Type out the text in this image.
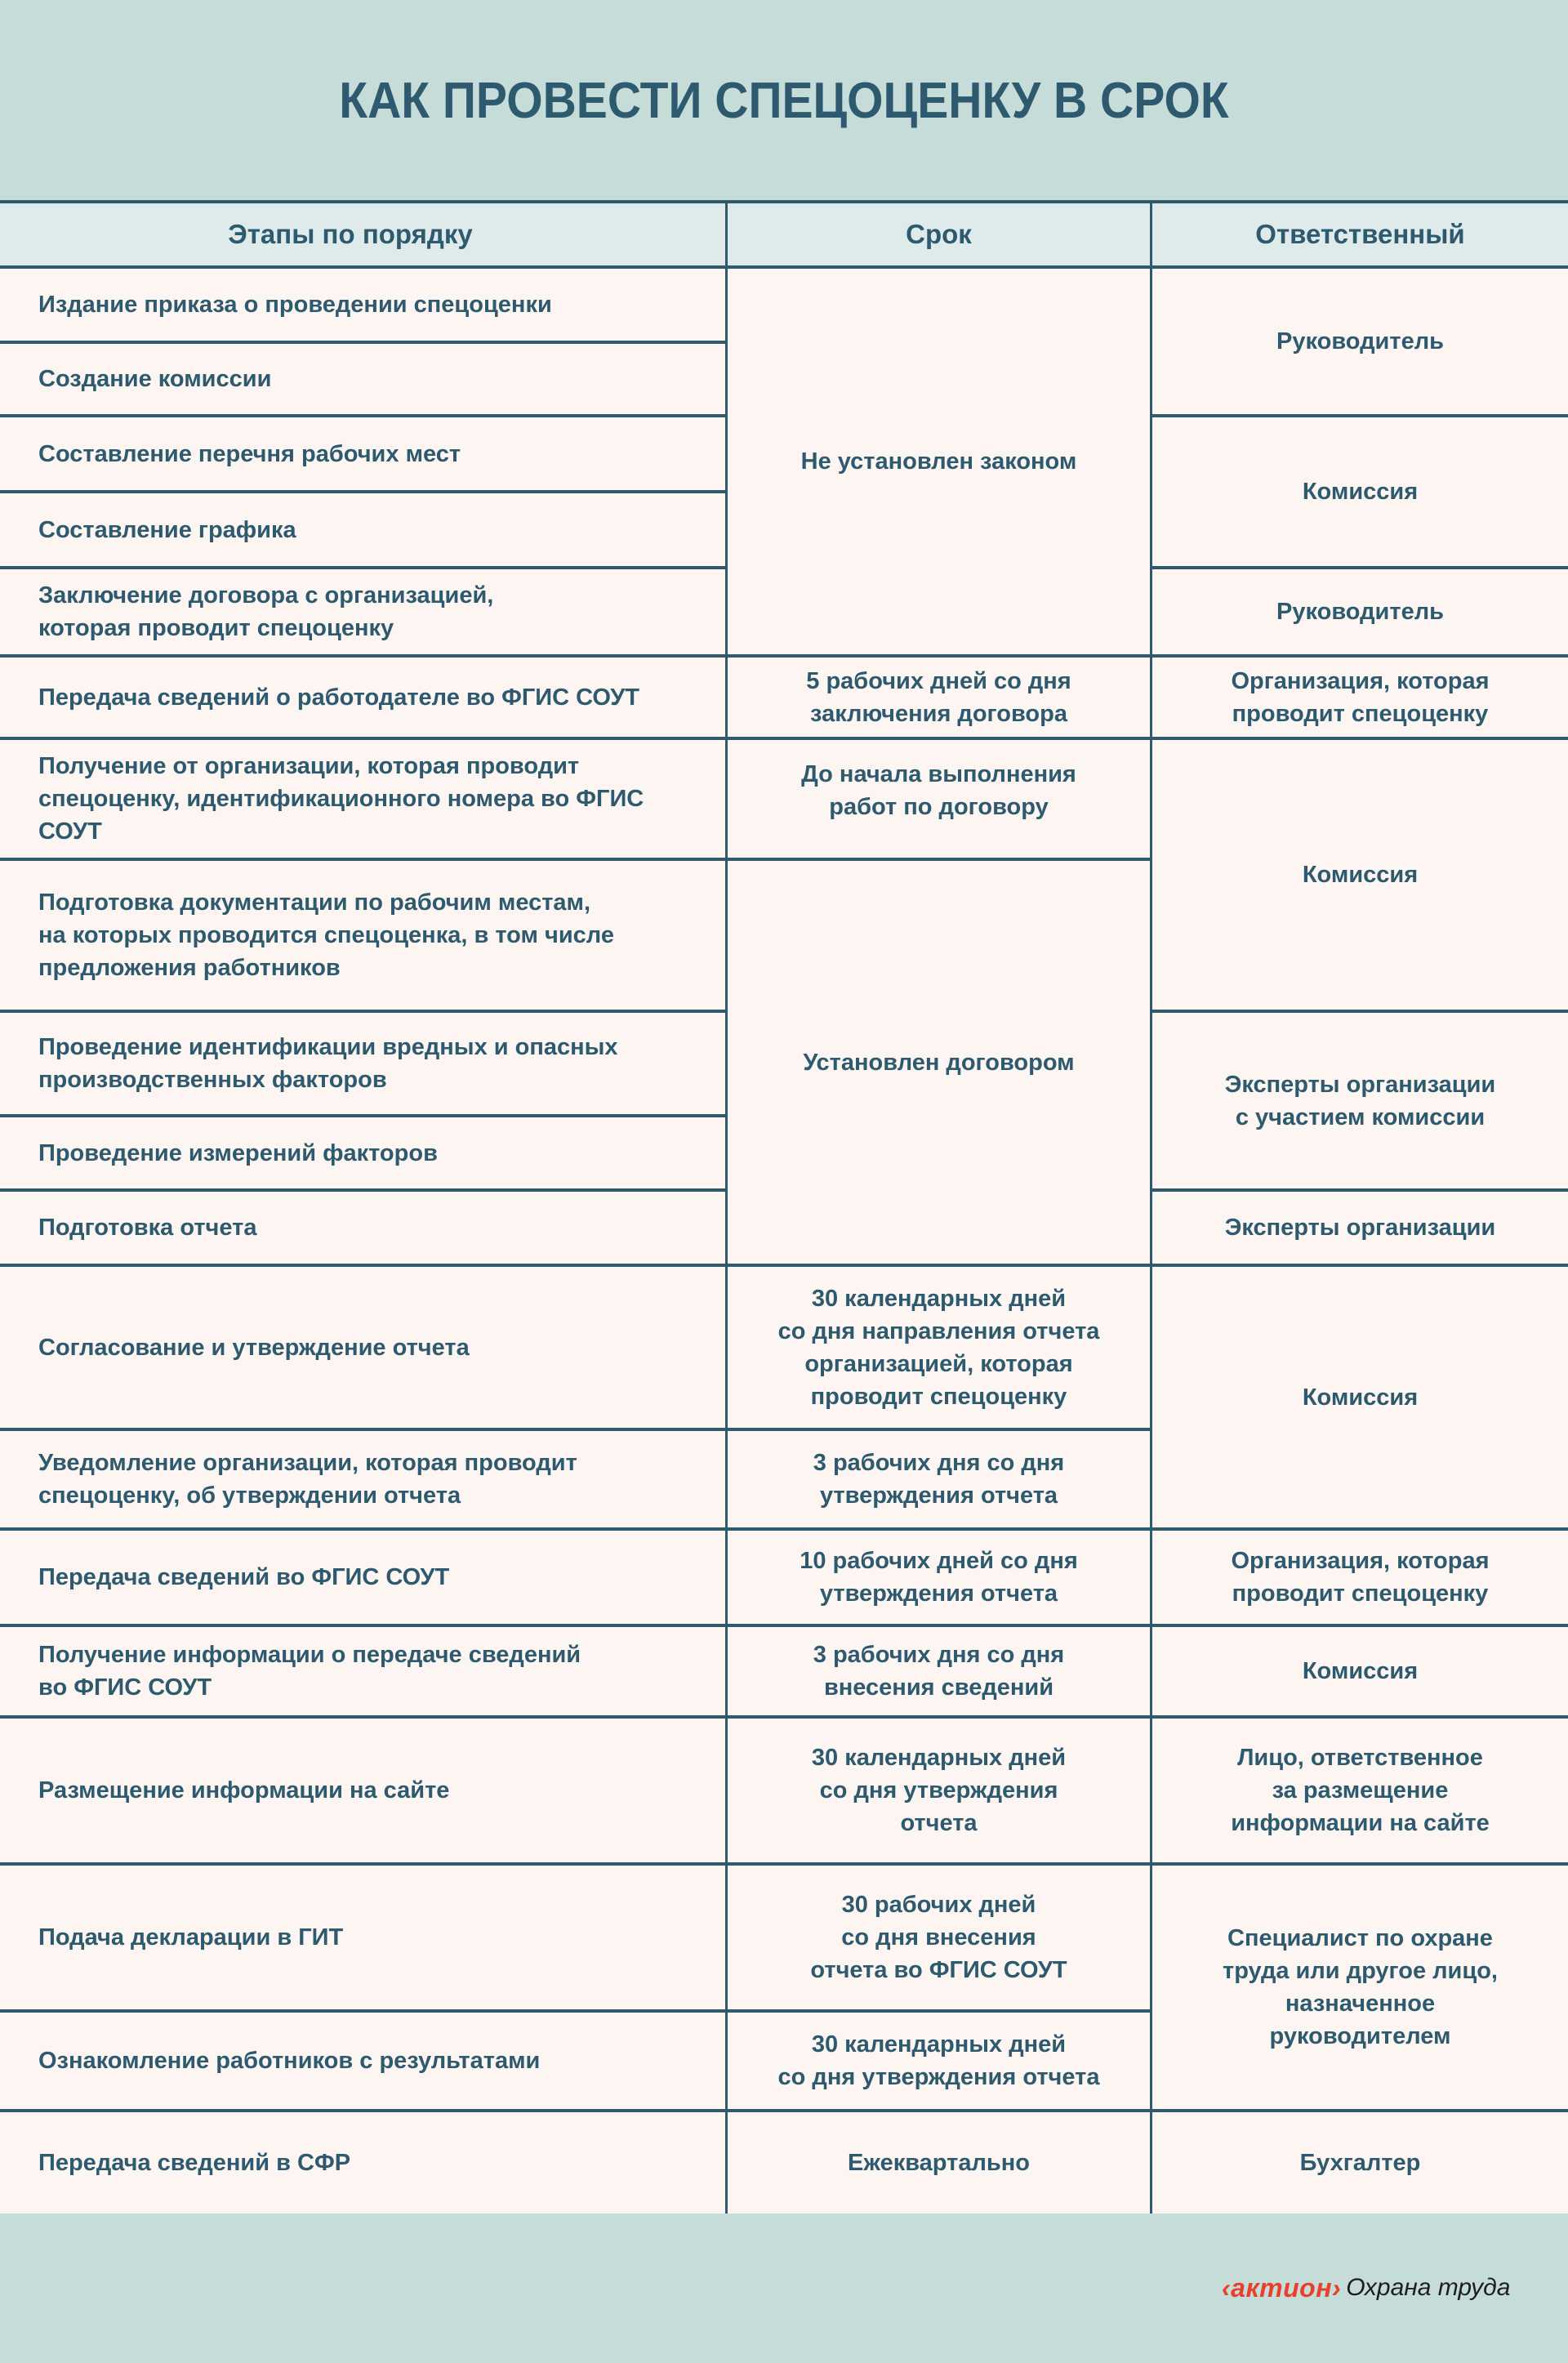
КАК ПРОВЕСТИ СПЕЦОЦЕНКУ В СРОК
Этапы по порядку	Срок	Ответственный
Издание приказа о проведении спецоценки
Создание комиссии
Составление перечня рабочих мест
Составление графика
Заключение договора с организацией,
которая проводит спецоценку
Передача сведений о работодателе во ФГИС СОУТ
Получение от организации, которая проводит спецоценку, идентификационного номера во ФГИС СОУТ
Подготовка документации по рабочим местам,
на которых проводится спецоценка, в том числе предложения работников
Проведение идентификации вредных и опасных производственных факторов
Проведение измерений факторов
Подготовка отчета
Согласование и утверждение отчета
Уведомление организации, которая проводит спецоценку, об утверждении отчета
Передача сведений во ФГИС СОУТ
Получение информации о передаче сведений
во ФГИС СОУТ
Размещение информации на сайте
Подача декларации в ГИТ
Ознакомление работников с результатами
Передача сведений в СФР
Не установлен законом
5 рабочих дней со дня
заключения договора
До начала выполнения
работ по договору
Установлен договором
30 календарных дней
со дня направления отчета
организацией, которая
проводит спецоценку
3 рабочих дня со дня
утверждения отчета
10 рабочих дней со дня
утверждения отчета
3 рабочих дня со дня
внесения сведений
30 календарных дней
со дня утверждения
отчета
30 рабочих дней
со дня внесения
отчета во ФГИС СОУТ
30 календарных дней
со дня утверждения отчета
Ежеквартально
Руководитель
Комиссия
Руководитель
Организация, которая
проводит спецоценку
Комиссия
Эксперты организации
с участием комиссии
Эксперты организации
Комиссия
Организация, которая
проводит спецоценку
Комиссия
Лицо, ответственное
за размещение
информации на сайте
Специалист по охране
труда или другое лицо,
назначенное
руководителем
Бухгалтер
‹актион› Охрана труда
